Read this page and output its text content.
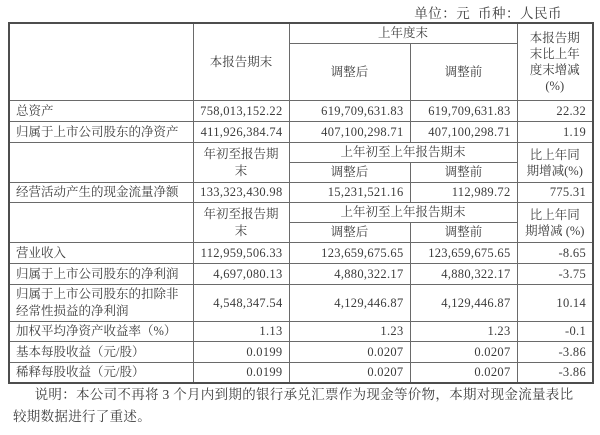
单位：元  币种：人民币
	本报告期末	上年度末		本报告期
末比上年
度末增减
(%)

		调整后	调整前	
总资产	758,013,152.22	619,709,631.83	619,709,631.83	22.32
归属于上市公司股东的净资产	411,926,384.74	407,100,298.71	407,100,298.71	1.19
	年初至报告期末	上年初至上年报告期末		比上年同
期增减(%)

		调整后	调整前	
经营活动产生的现金流量净额	133,323,430.98	15,231,521.16	112,989.72	775.31
	年初至报告期末	上年初至上年报告期末		比上年同
期增减 (%)

		调整后	调整前	
营业收入	112,959,506.33	123,659,675.65	123,659,675.65	-8.65
归属于上市公司股东的净利润	4,697,080.13	4,880,322.17	4,880,322.17	-3.75
归属于上市公司股东的扣除非经常性损益的净利润	4,548,347.54	4,129,446.87	4,129,446.87	10.14
加权平均净资产收益率（%）	1.13	1.23	1.23	-0.1
基本每股收益（元/股）	0.0199	0.0207	0.0207	-3.86
稀释每股收益（元/股）	0.0199	0.0207	0.0207	-3.86
说明：本公司不再将 3 个月内到期的银行承兑汇票作为现金等价物，本期对现金流量表比较期数据进行了重述。
